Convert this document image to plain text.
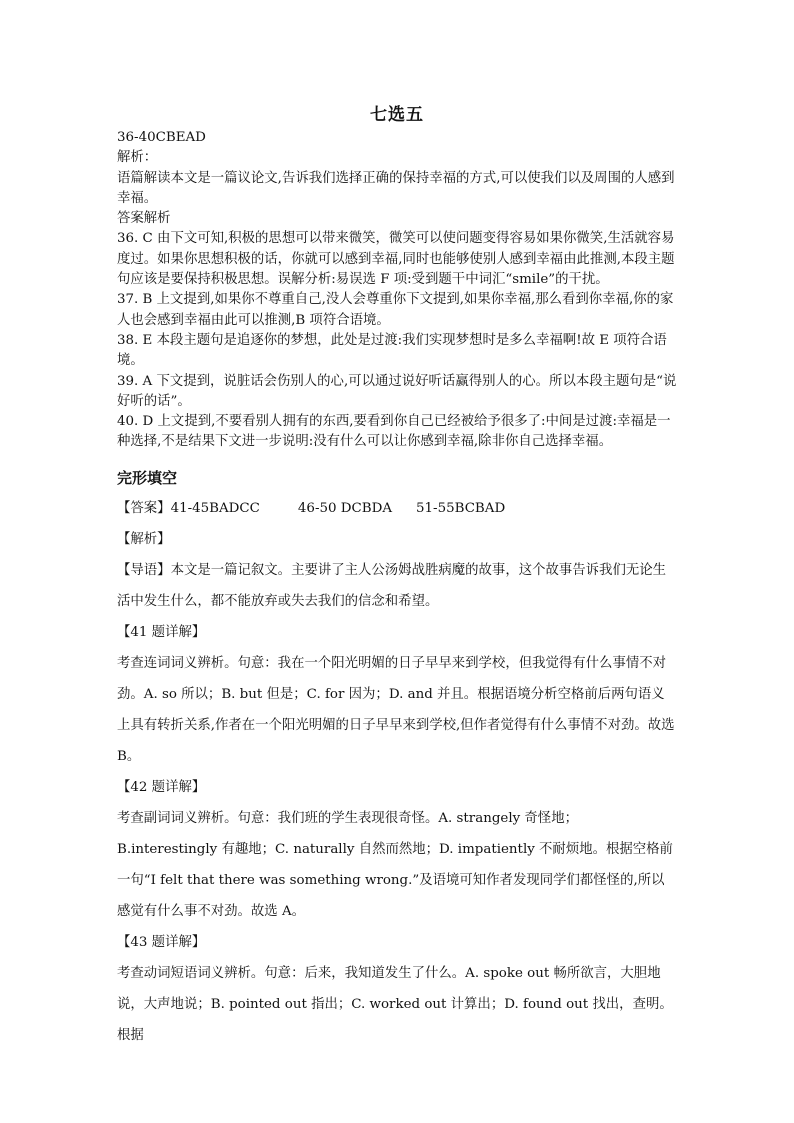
七选五

36-40CBEAD

解析：

语篇解读本文是一篇议论文,告诉我们选择正确的保持幸福的方式,可以使我们以及周围的人感到幸福。

答案解析

36. C 由下文可知,积极的思想可以带来微笑，微笑可以使问题变得容易如果你微笑,生活就容易度过。如果你思想积极的话，你就可以感到幸福,同时也能够使别人感到幸福由此推测,本段主题句应该是要保持积极思想。误解分析:易误选 F 项:受到题干中词汇“smile”的干扰。

37. B 上文提到,如果你不尊重自己,没人会尊重你下文提到,如果你幸福,那么看到你幸福,你的家人也会感到幸福由此可以推测,B 项符合语境。

38. E 本段主题句是追逐你的梦想，此处是过渡:我们实现梦想时是多么幸福啊!故 E 项符合语境。

39. A 下文提到，说脏话会伤别人的心,可以通过说好听话赢得别人的心。所以本段主题句是“说好听的话”。

40. D 上文提到,不要看别人拥有的东西,要看到你自己已经被给予很多了:中间是过渡:幸福是一种选择,不是结果下文进一步说明:没有什么可以让你感到幸福,除非你自己选择幸福。

完形填空

【答案】41-45BADCC	46-50 DCBDA 51-55BCBAD

【解析】

【导语】本文是一篇记叙文。主要讲了主人公汤姆战胜病魔的故事，这个故事告诉我们无论生活中发生什么，都不能放弃或失去我们的信念和希望。

【41 题详解】

考查连词词义辨析。句意：我在一个阳光明媚的日子早早来到学校，但我觉得有什么事情不对劲。A. so 所以；B. but 但是；C. for 因为；D. and 并且。根据语境分析空格前后两句语义上具有转折关系,作者在一个阳光明媚的日子早早来到学校,但作者觉得有什么事情不对劲。故选 B。

【42 题详解】

考查副词词义辨析。句意：我们班的学生表现很奇怪。A. strangely 奇怪地；B.interestingly 有趣地；C. naturally 自然而然地；D. impatiently 不耐烦地。根据空格前一句“I felt that there was something wrong.”及语境可知作者发现同学们都怪怪的,所以感觉有什么事不对劲。故选 A。

【43 题详解】

考查动词短语词义辨析。句意：后来，我知道发生了什么。A. spoke out 畅所欲言，大胆地说，大声地说；B. pointed out 指出；C. worked out 计算出；D. found out 找出，查明。根据
